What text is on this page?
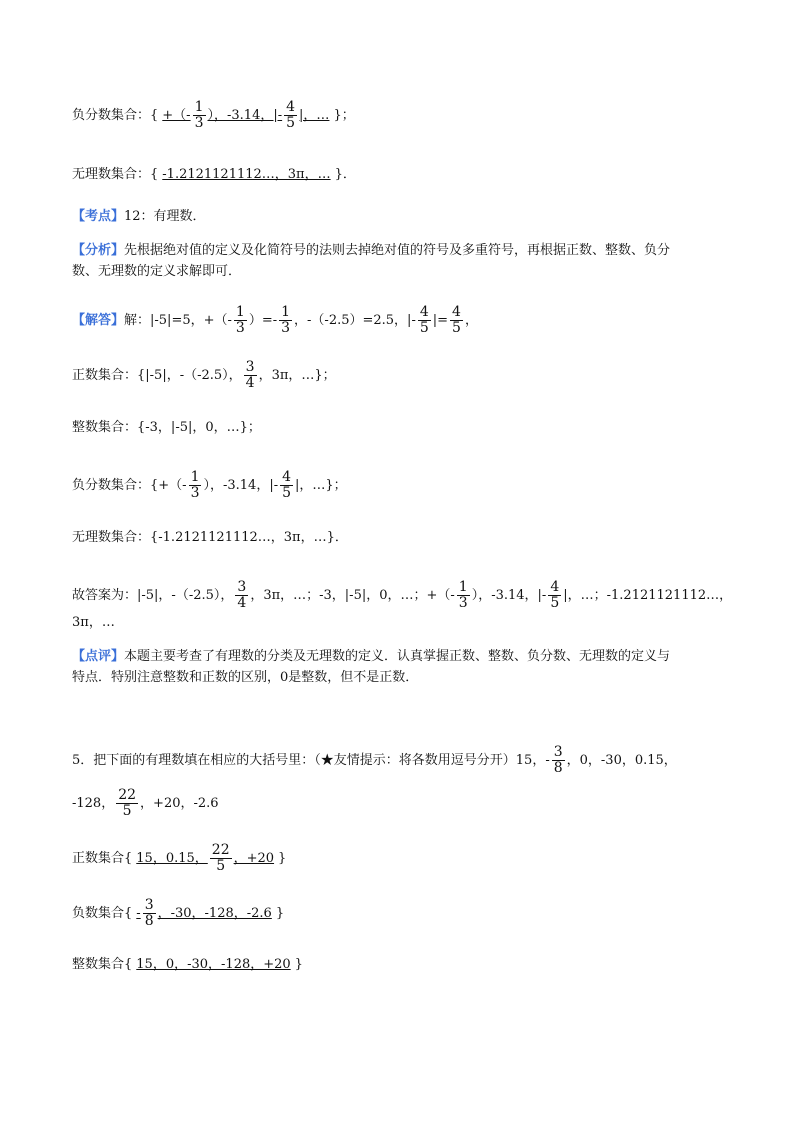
负分数集合：{ +（- $\frac{1}{3}$ ），-3.14，|- $\frac{4}{5}$ |，… }；
无理数集合：{ -1.2121121112…，3π，… }．
【考点】12：有理数．
【分析】先根据绝对值的定义及化简符号的法则去掉绝对值的符号及多重符号，再根据正数、整数、负分
数、无理数的定义求解即可．
【解答】解：|-5|=5，+（- $\frac{1}{3}$ ）=- $\frac{1}{3}$ ，-（-2.5）=2.5，|- $\frac{4}{5}$ |= $\frac{4}{5}$ ，
正数集合：{|-5|，-（-2.5）， $\frac{3}{4}$ ，3π，…}；
整数集合：{-3，|-5|，0，…}；
负分数集合：{+（- $\frac{1}{3}$ ），-3.14，|- $\frac{4}{5}$ |，…}；
无理数集合：{-1.2121121112…，3π，…}．
故答案为：|-5|，-（-2.5）， $\frac{3}{4}$ ，3π，…；-3，|-5|，0，…；+（- $\frac{1}{3}$ ），-3.14，|- $\frac{4}{5}$ |，…；-1.2121121112…，
3π，…
【点评】本题主要考查了有理数的分类及无理数的定义．认真掌握正数、整数、负分数、无理数的定义与
特点．特别注意整数和正数的区别，0是整数，但不是正数．
5．把下面的有理数填在相应的大括号里：（★友情提示：将各数用逗号分开）15，- $\frac{3}{8}$ ，0，-30，0.15，
-128， $\frac{22}{5}$ ，+20，-2.6
正数集合{ 15，0.15， $\frac{22}{5}$ ，+20 }
负数集合{ - $\frac{3}{8}$ ，-30，-128，-2.6 }
整数集合{ 15，0，-30，-128，+20 }
